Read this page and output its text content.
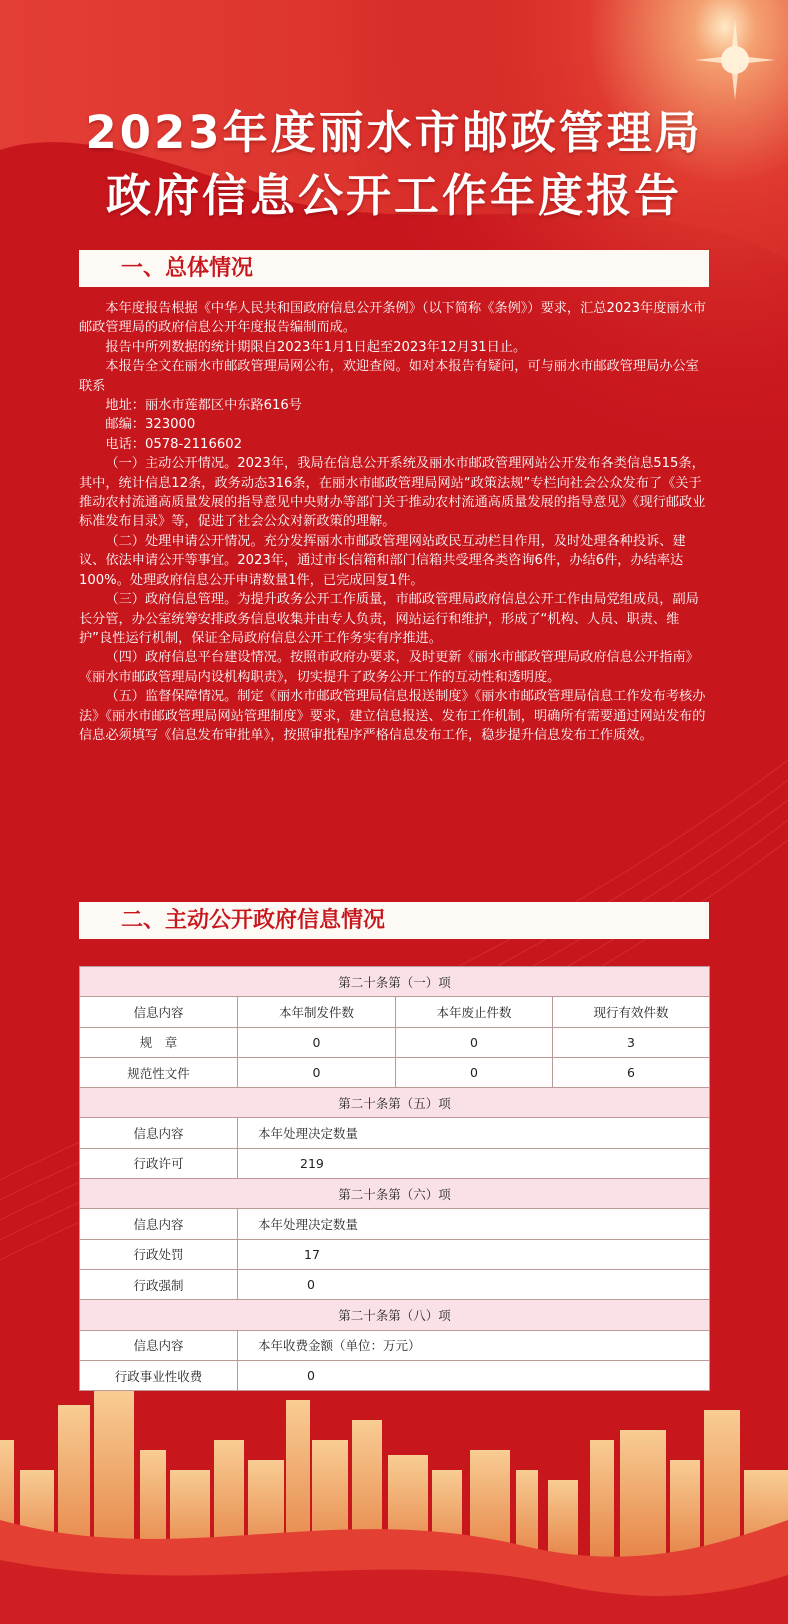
2023年度丽水市邮政管理局
政府信息公开工作年度报告
一、总体情况

本年度报告根据《中华人民共和国政府信息公开条例》（以下简称《条例》）要求，汇总2023年度丽水市邮政管理局的政府信息公开年度报告编制而成。

报告中所列数据的统计期限自2023年1月1日起至2023年12月31日止。

本报告全文在丽水市邮政管理局网公布，欢迎查阅。如对本报告有疑问，可与丽水市邮政管理局办公室联系

地址：丽水市莲都区中东路616号

邮编：323000

电话：0578-2116602

（一）主动公开情况。2023年，我局在信息公开系统及丽水市邮政管理网站公开发布各类信息515条，其中，统计信息12条，政务动态316条，在丽水市邮政管理局网站“政策法规”专栏向社会公众发布了《关于推动农村流通高质量发展的指导意见中央财办等部门关于推动农村流通高质量发展的指导意见》《现行邮政业标准发布目录》等，促进了社会公众对新政策的理解。

（二）处理申请公开情况。充分发挥丽水市邮政管理网站政民互动栏目作用，及时处理各种投诉、建议、依法申请公开等事宜。2023年，通过市长信箱和部门信箱共受理各类咨询6件，办结6件，办结率达100%。处理政府信息公开申请数量1件，已完成回复1件。

（三）政府信息管理。为提升政务公开工作质量，市邮政管理局政府信息公开工作由局党组成员，副局长分管，办公室统筹安排政务信息收集并由专人负责，网站运行和维护，形成了“机构、人员、职责、维护”良性运行机制，保证全局政府信息公开工作务实有序推进。

（四）政府信息平台建设情况。按照市政府办要求，及时更新《丽水市邮政管理局政府信息公开指南》《丽水市邮政管理局内设机构职责》，切实提升了政务公开工作的互动性和透明度。

（五）监督保障情况。制定《丽水市邮政管理局信息报送制度》《丽水市邮政管理局信息工作发布考核办法》《丽水市邮政管理局网站管理制度》要求，建立信息报送、发布工作机制，明确所有需要通过网站发布的信息必须填写《信息发布审批单》，按照审批程序严格信息发布工作，稳步提升信息发布工作质效。

二、主动公开政府信息情况
第二十条第（一）项			
信息内容	本年制发件数	本年废止件数	现行有效件数
规　章	0	0	3
规范性文件	0	0	6
第二十条第（五）项			
信息内容	本年处理决定数量		
行政许可	219		
第二十条第（六）项			
信息内容	本年处理决定数量		
行政处罚	17		
行政强制	0		
第二十条第（八）项			
信息内容	本年收费金额（单位：万元）		
行政事业性收费	0		
